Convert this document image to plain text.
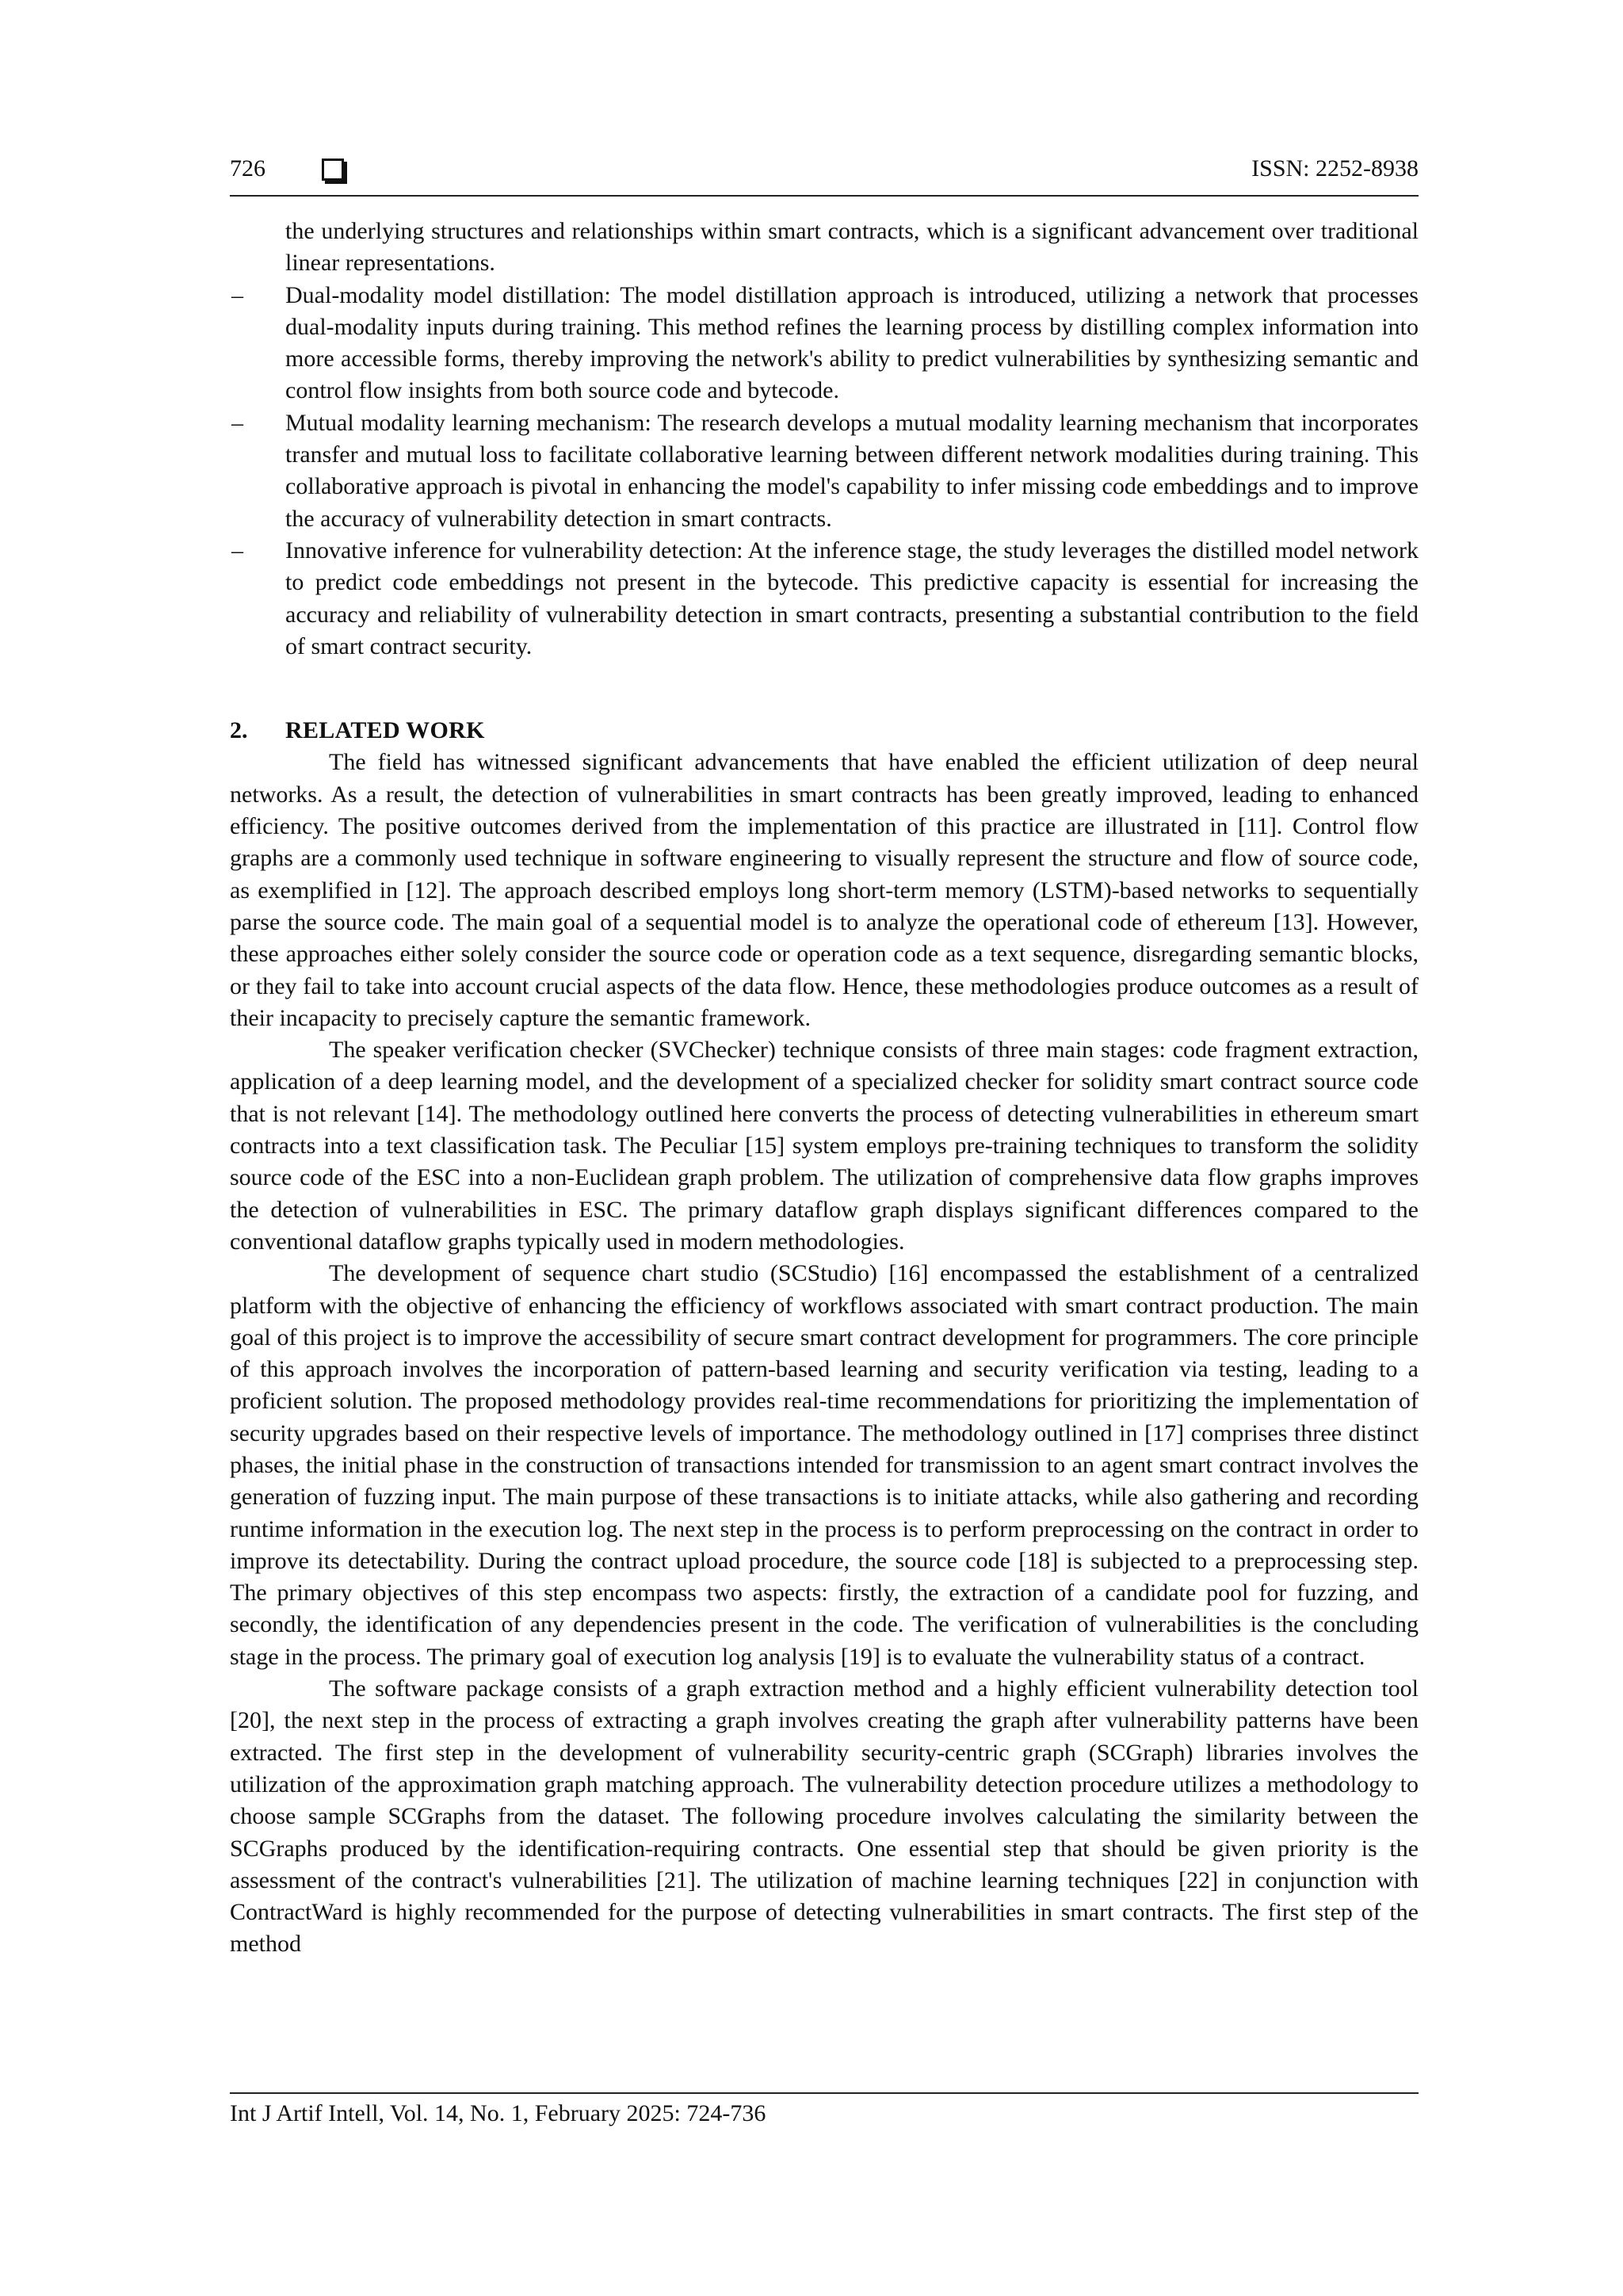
726	ISSN: 2252-8938

the underlying structures and relationships within smart contracts, which is a significant advancement over traditional linear representations.

– Dual-modality model distillation: The model distillation approach is introduced, utilizing a network that processes dual-modality inputs during training. This method refines the learning process by distilling complex information into more accessible forms, thereby improving the network's ability to predict vulnerabilities by synthesizing semantic and control flow insights from both source code and bytecode.
– Mutual modality learning mechanism: The research develops a mutual modality learning mechanism that incorporates transfer and mutual loss to facilitate collaborative learning between different network modalities during training. This collaborative approach is pivotal in enhancing the model's capability to infer missing code embeddings and to improve the accuracy of vulnerability detection in smart contracts.
– Innovative inference for vulnerability detection: At the inference stage, the study leverages the distilled model network to predict code embeddings not present in the bytecode. This predictive capacity is essential for increasing the accuracy and reliability of vulnerability detection in smart contracts, presenting a substantial contribution to the field of smart contract security.
2. RELATED WORK

The field has witnessed significant advancements that have enabled the efficient utilization of deep neural networks. As a result, the detection of vulnerabilities in smart contracts has been greatly improved, leading to enhanced efficiency. The positive outcomes derived from the implementation of this practice are illustrated in [11]. Control flow graphs are a commonly used technique in software engineering to visually represent the structure and flow of source code, as exemplified in [12]. The approach described employs long short-term memory (LSTM)-based networks to sequentially parse the source code. The main goal of a sequential model is to analyze the operational code of ethereum [13]. However, these approaches either solely consider the source code or operation code as a text sequence, disregarding semantic blocks, or they fail to take into account crucial aspects of the data flow. Hence, these methodologies produce outcomes as a result of their incapacity to precisely capture the semantic framework.

The speaker verification checker (SVChecker) technique consists of three main stages: code fragment extraction, application of a deep learning model, and the development of a specialized checker for solidity smart contract source code that is not relevant [14]. The methodology outlined here converts the process of detecting vulnerabilities in ethereum smart contracts into a text classification task. The Peculiar [15] system employs pre-training techniques to transform the solidity source code of the ESC into a non-Euclidean graph problem. The utilization of comprehensive data flow graphs improves the detection of vulnerabilities in ESC. The primary dataflow graph displays significant differences compared to the conventional dataflow graphs typically used in modern methodologies.

The development of sequence chart studio (SCStudio) [16] encompassed the establishment of a centralized platform with the objective of enhancing the efficiency of workflows associated with smart contract production. The main goal of this project is to improve the accessibility of secure smart contract development for programmers. The core principle of this approach involves the incorporation of pattern-based learning and security verification via testing, leading to a proficient solution. The proposed methodology provides real-time recommendations for prioritizing the implementation of security upgrades based on their respective levels of importance. The methodology outlined in [17] comprises three distinct phases, the initial phase in the construction of transactions intended for transmission to an agent smart contract involves the generation of fuzzing input. The main purpose of these transactions is to initiate attacks, while also gathering and recording runtime information in the execution log. The next step in the process is to perform preprocessing on the contract in order to improve its detectability. During the contract upload procedure, the source code [18] is subjected to a preprocessing step. The primary objectives of this step encompass two aspects: firstly, the extraction of a candidate pool for fuzzing, and secondly, the identification of any dependencies present in the code. The verification of vulnerabilities is the concluding stage in the process. The primary goal of execution log analysis [19] is to evaluate the vulnerability status of a contract.

The software package consists of a graph extraction method and a highly efficient vulnerability detection tool [20], the next step in the process of extracting a graph involves creating the graph after vulnerability patterns have been extracted. The first step in the development of vulnerability security-centric graph (SCGraph) libraries involves the utilization of the approximation graph matching approach. The vulnerability detection procedure utilizes a methodology to choose sample SCGraphs from the dataset. The following procedure involves calculating the similarity between the SCGraphs produced by the identification-requiring contracts. One essential step that should be given priority is the assessment of the contract's vulnerabilities [21]. The utilization of machine learning techniques [22] in conjunction with ContractWard is highly recommended for the purpose of detecting vulnerabilities in smart contracts. The first step of the method

Int J Artif Intell, Vol. 14, No. 1, February 2025: 724-736
